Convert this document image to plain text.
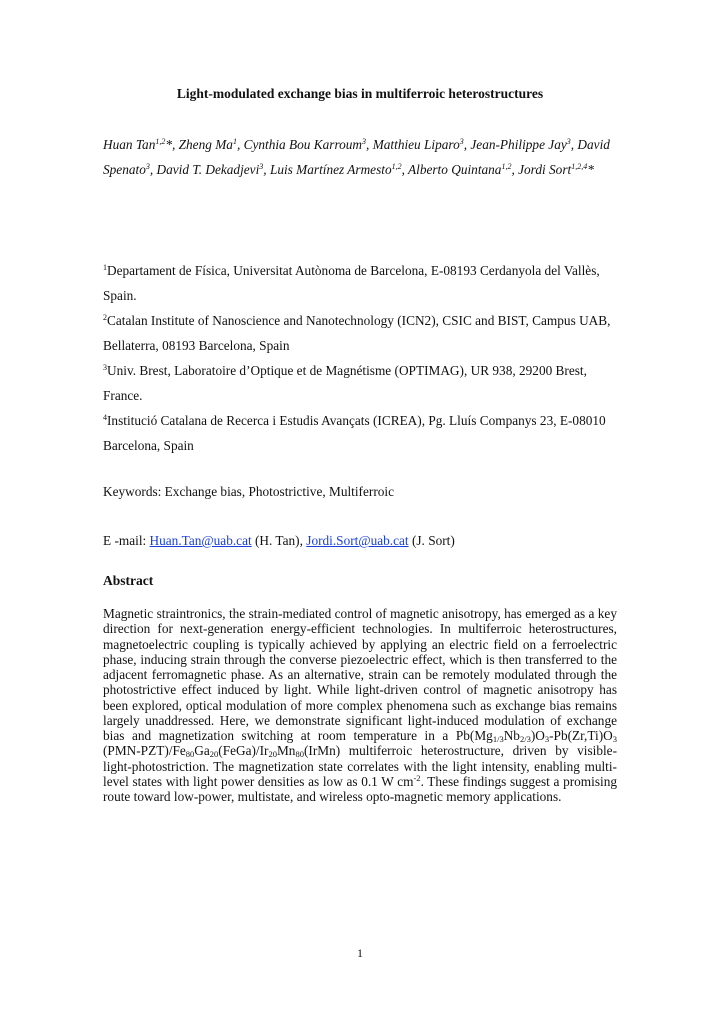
Light-modulated exchange bias in multiferroic heterostructures
Huan Tan$^{1,2}$*, Zheng Ma$^1$, Cynthia Bou Karroum$^3$, Matthieu Liparo$^3$, Jean-Philippe Jay$^3$, David Spenato$^3$, David T. Dekadjevi$^3$, Luis Martínez Armesto$^{1,2}$, Alberto Quintana$^{1,2}$, Jordi Sort$^{1,2,4}$*

$^1$Departament de Física, Universitat Autònoma de Barcelona, E-08193 Cerdanyola del Vallès, Spain.

$^2$Catalan Institute of Nanoscience and Nanotechnology (ICN2), CSIC and BIST, Campus UAB, Bellaterra, 08193 Barcelona, Spain

$^3$Univ. Brest, Laboratoire d’Optique et de Magnétisme (OPTIMAG), UR 938, 29200 Brest, France.

$^4$Institució Catalana de Recerca i Estudis Avançats (ICREA), Pg. Lluís Companys 23, E-08010 Barcelona, Spain

Keywords: Exchange bias, Photostrictive, Multiferroic
E -mail: Huan.Tan@uab.cat (H. Tan), Jordi.Sort@uab.cat (J. Sort)
Abstract

Magnetic straintronics, the strain-mediated control of magnetic anisotropy, has emerged as a key direction for next-generation energy-efficient technologies. In multiferroic heterostructures, magnetoelectric coupling is typically achieved by applying an electric field on a ferroelectric phase, inducing strain through the converse piezoelectric effect, which is then transferred to the adjacent ferromagnetic phase. As an alternative, strain can be remotely modulated through the photostrictive effect induced by light. While light-driven control of magnetic anisotropy has been explored, optical modulation of more complex phenomena such as exchange bias remains largely unaddressed. Here, we demonstrate significant light-induced modulation of exchange bias and magnetization switching at room temperature in a $Pb(Mg_{1/3}Nb_{2/3})O_3-Pb(Zr,Ti)O_3$ $(PMN-PZT)/Fe_{80}Ga_{20}(FeGa)/Ir_{20}Mn_{80}(IrMn)$ multiferroic heterostructure, driven by visible-light-photostriction. The magnetization state correlates with the light intensity, enabling multi-level states with light power densities as low as 0.1 W $cm^{-2}$. These findings suggest a promising route toward low-power, multistate, and wireless opto-magnetic memory applications.

1
